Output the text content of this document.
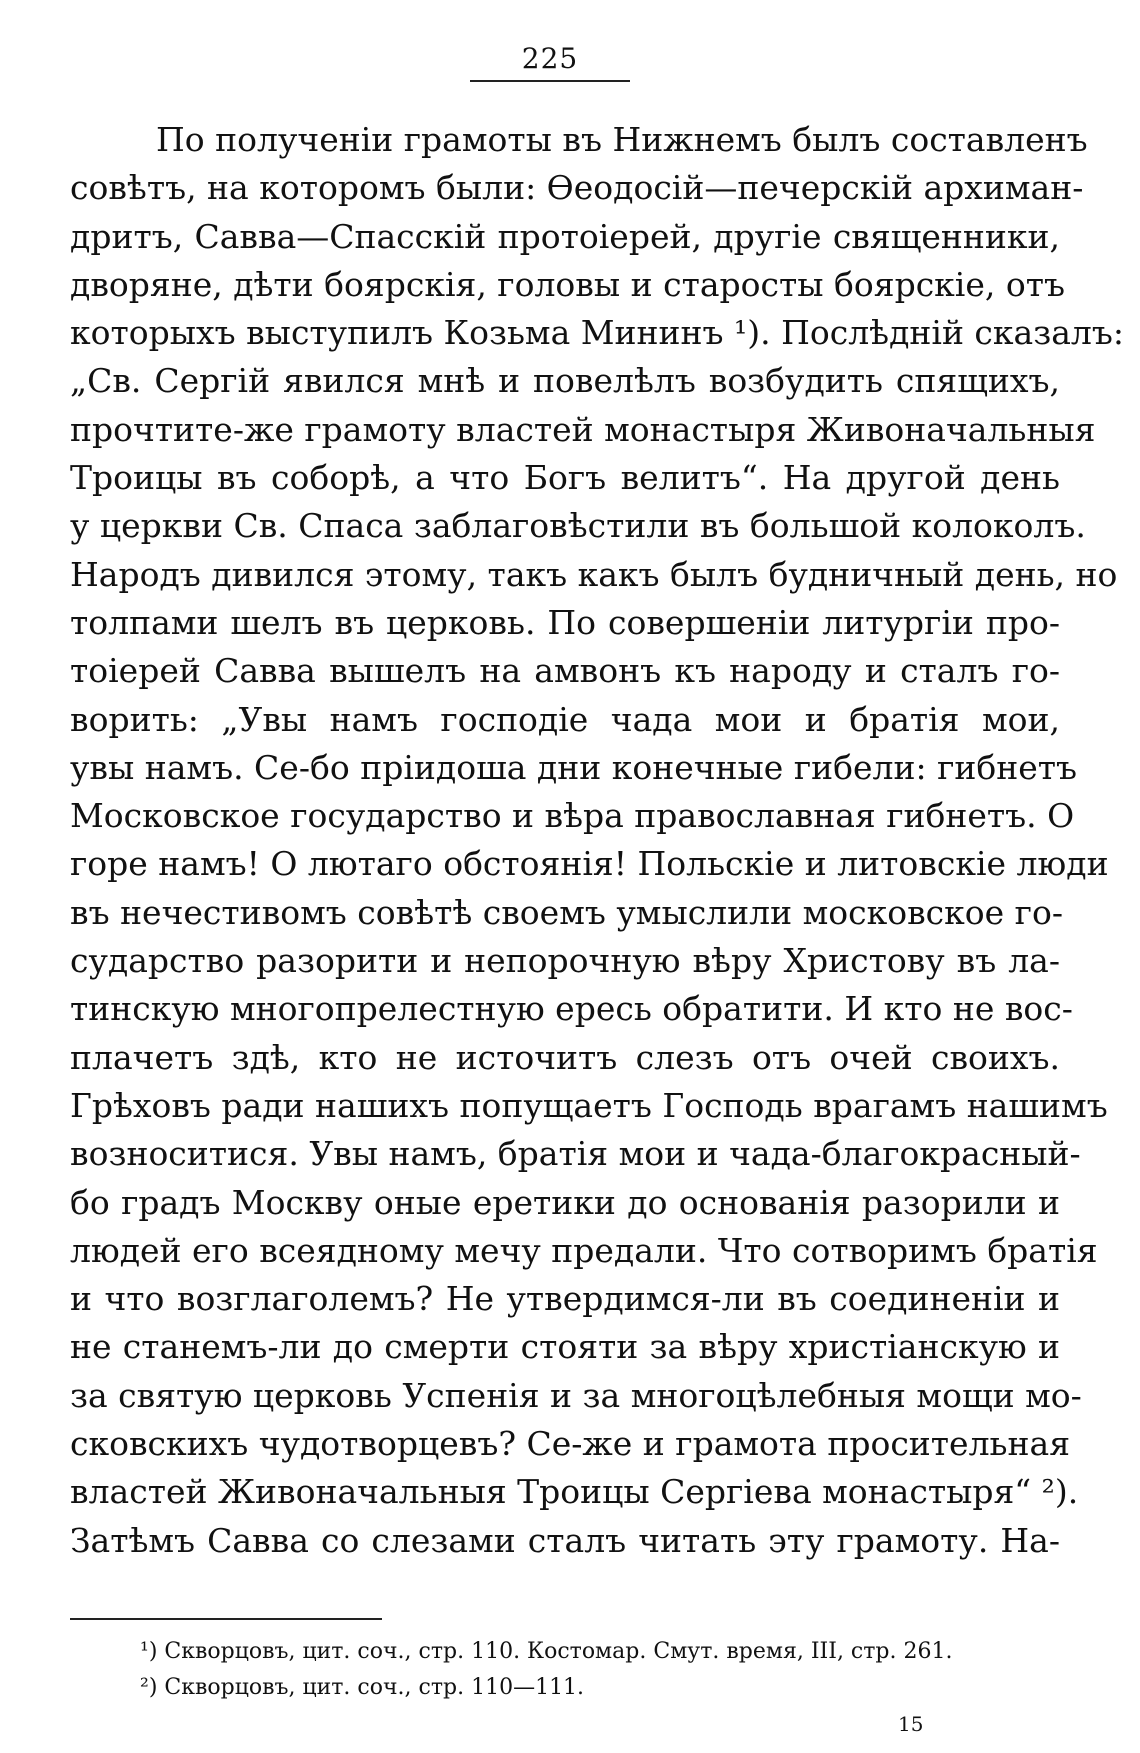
225
По полученіи грамоты въ Нижнемъ былъ составленъ
совѣтъ, на которомъ были: Ѳеодосій—печерскій архиман-
дритъ, Савва—Спасскій протоіерей, другіе священники,
дворяне, дѣти боярскія, головы и старосты боярскіе, отъ
которыхъ выступилъ Козьма Мининъ ¹). Послѣдній сказалъ:
„Св. Сергій явился мнѣ и повелѣлъ возбудить спящихъ,
прочтите-же грамоту властей монастыря Живоначальныя
Троицы въ соборѣ, а что Богъ велитъ“. На другой день
у церкви Св. Спаса заблаговѣстили въ большой колоколъ.
Народъ дивился этому, такъ какъ былъ будничный день, но
толпами шелъ въ церковь. По совершеніи литургіи про-
тоіерей Савва вышелъ на амвонъ къ народу и сталъ го-
ворить: „Увы намъ господіе чада мои и братія мои,
увы намъ. Се-бо пріидоша дни конечные гибели: гибнетъ
Московское государство и вѣра православная гибнетъ. О
горе намъ! О лютаго обстоянія! Польскіе и литовскіе люди
въ нечестивомъ совѣтѣ своемъ умыслили московское го-
сударство разорити и непорочную вѣру Христову въ ла-
тинскую многопрелестную ересь обратити. И кто не вос-
плачетъ здѣ, кто не источитъ слезъ отъ очей своихъ.
Грѣховъ ради нашихъ попущаетъ Господь врагамъ нашимъ
возноситися. Увы намъ, братія мои и чада-благокрасный-
бо градъ Москву оные еретики до основанія разорили и
людей его всеядному мечу предали. Что сотворимъ братія
и что возглаголемъ? Не утвердимся-ли въ соединеніи и
не станемъ-ли до смерти стояти за вѣру христіанскую и
за святую церковь Успенія и за многоцѣлебныя мощи мо-
сковскихъ чудотворцевъ? Се-же и грамота просительная
властей Живоначальныя Троицы Сергіева монастыря“ ²).
Затѣмъ Савва со слезами сталъ читать эту грамоту. На-
¹) Скворцовъ, цит. соч., стр. 110. Костомар. Смут. время, III, стр. 261.
²) Скворцовъ, цит. соч., стр. 110—111.
15
